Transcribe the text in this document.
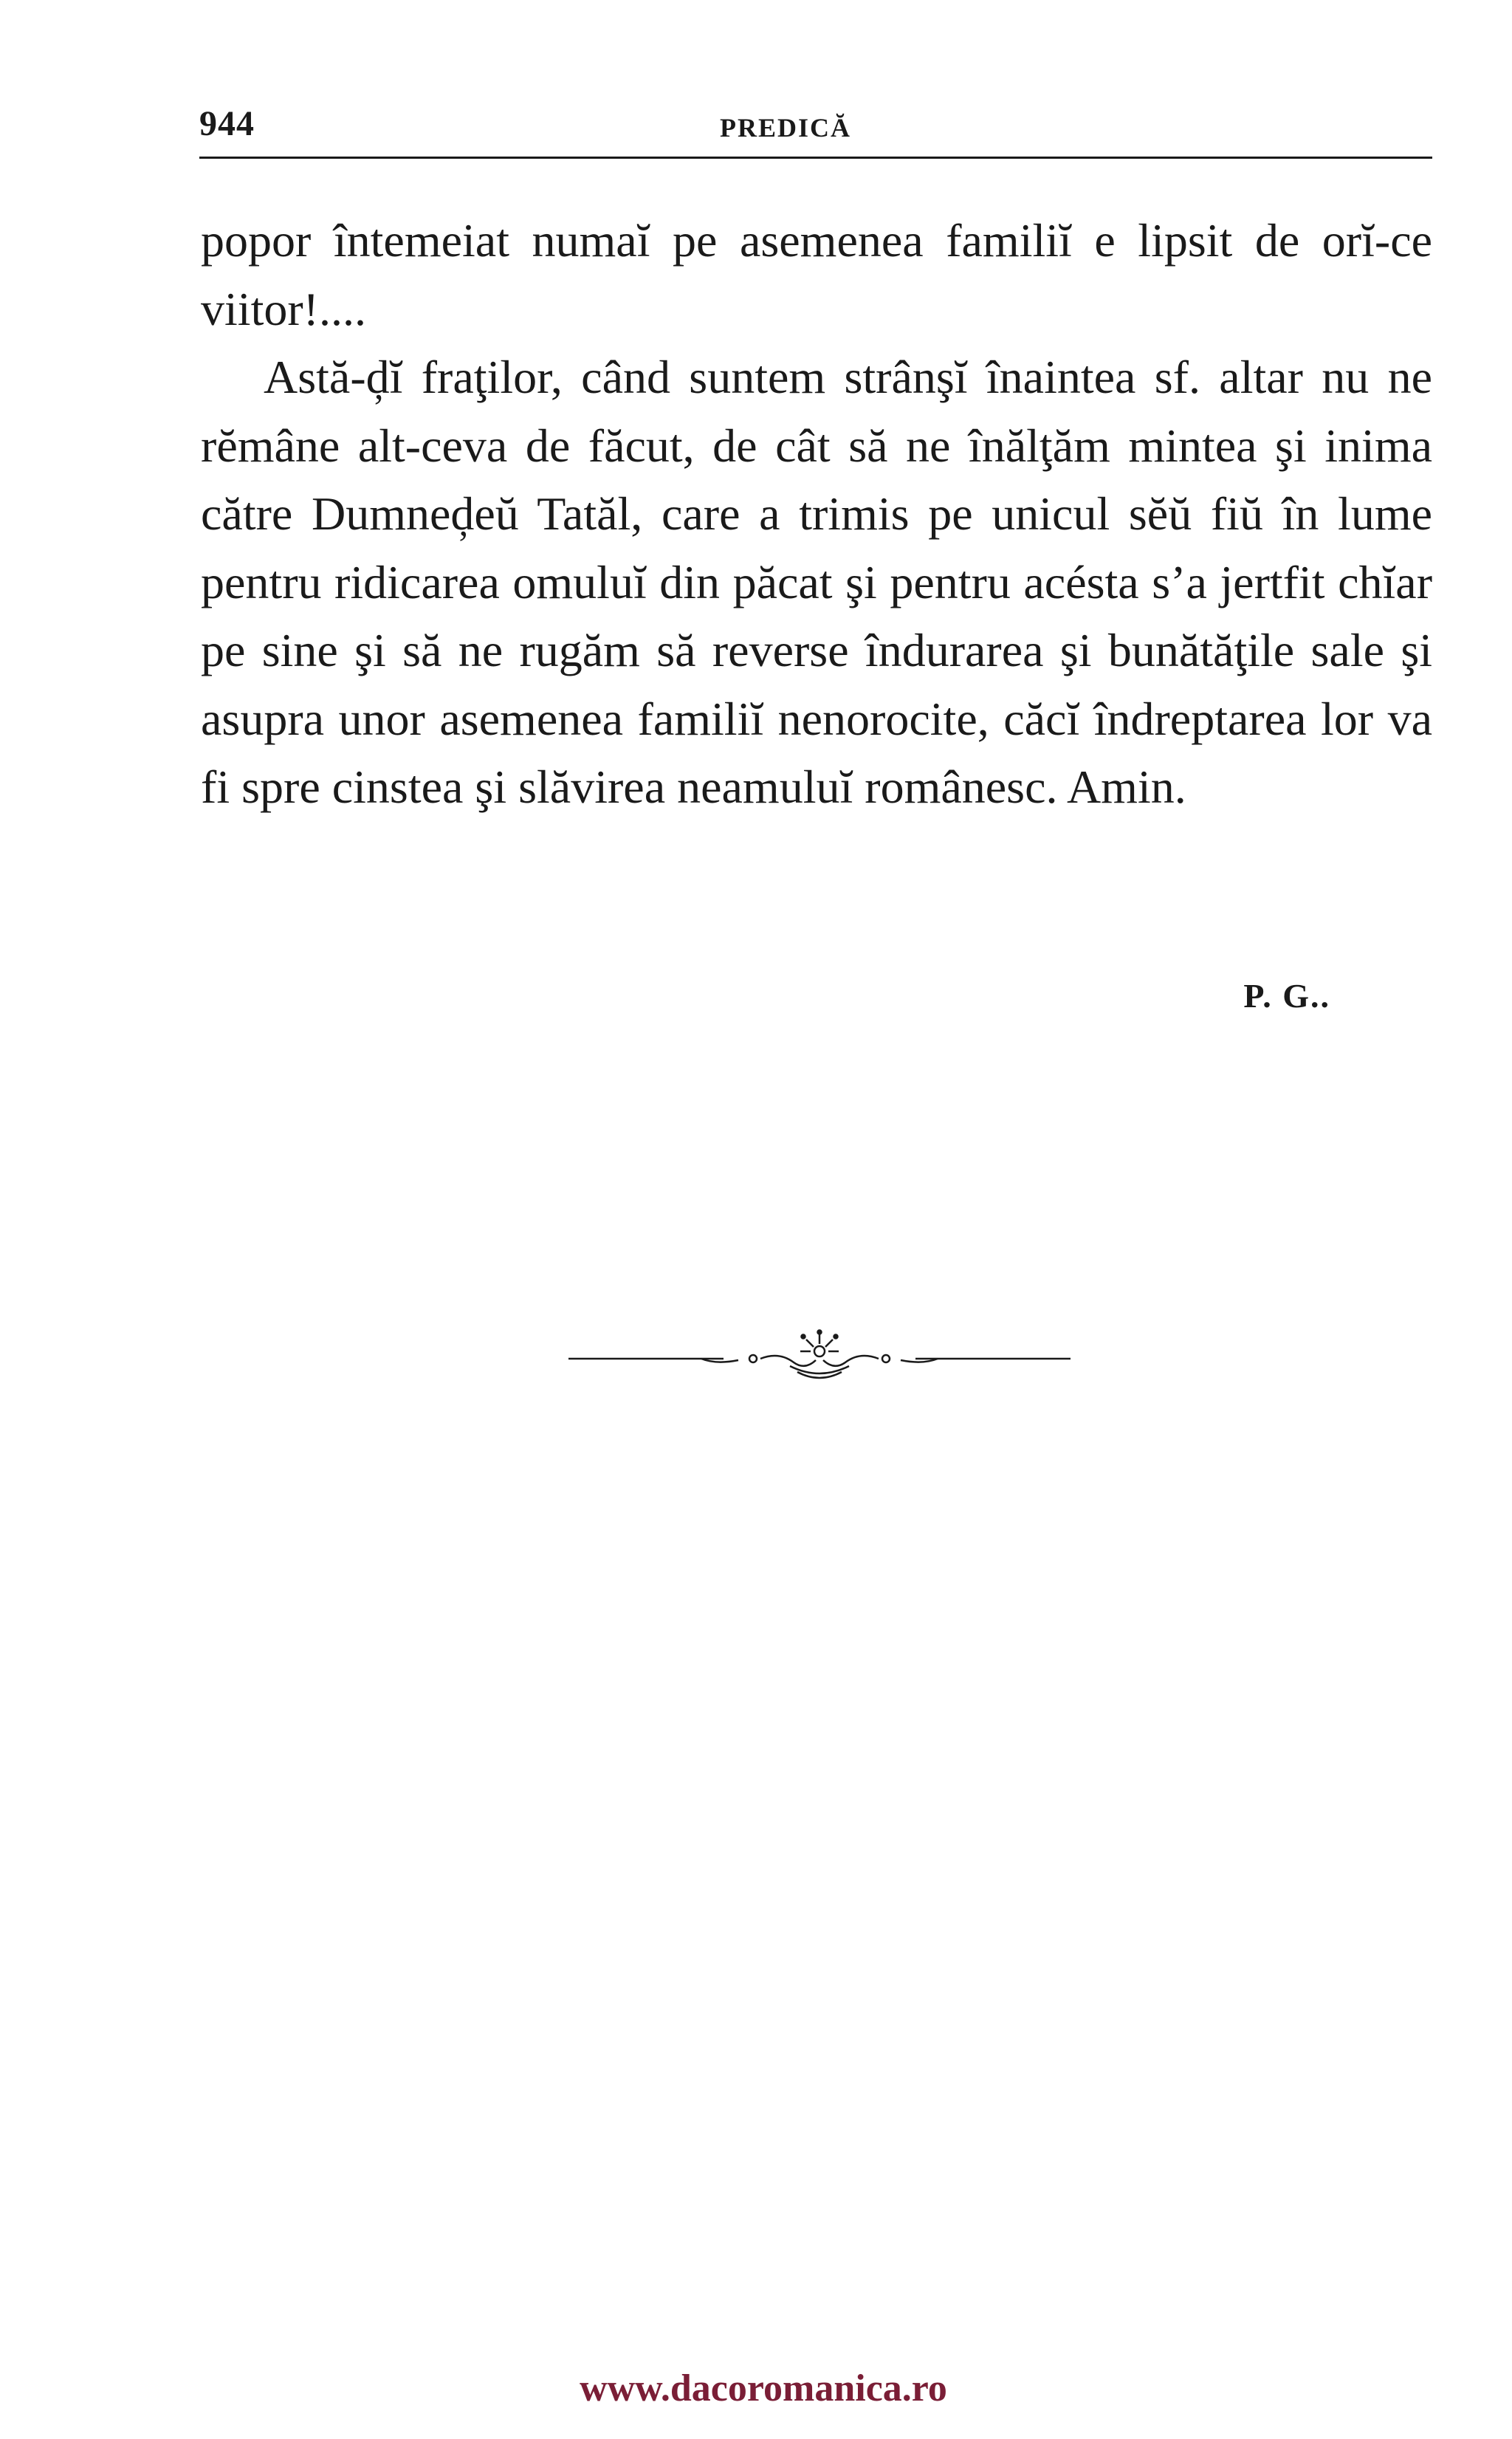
944	PREDICĂ

popor întemeiat numaĭ pe asemenea familiĭ e lipsit de orĭ-ce viitor!....

Astă-ḑĭ fraţilor, când suntem strânşĭ înaintea sf. altar nu ne rĕmâne alt-ceva de făcut, de cât să ne înălţăm mintea şi inima către Dumneḑeŭ Tatăl, care a trimis pe unicul sĕŭ fiŭ în lume pentru ridicarea omuluĭ din păcat şi pentru acésta s’a jertfit chĭar pe sine şi să ne rugăm să reverse îndurarea şi bunătăţile sale şi asupra unor asemenea familiĭ nenorocite, căcĭ îndreptarea lor va fi spre cinstea şi slăvirea neamuluĭ românesc. Amin.

P. G..
www.dacoromanica.ro
